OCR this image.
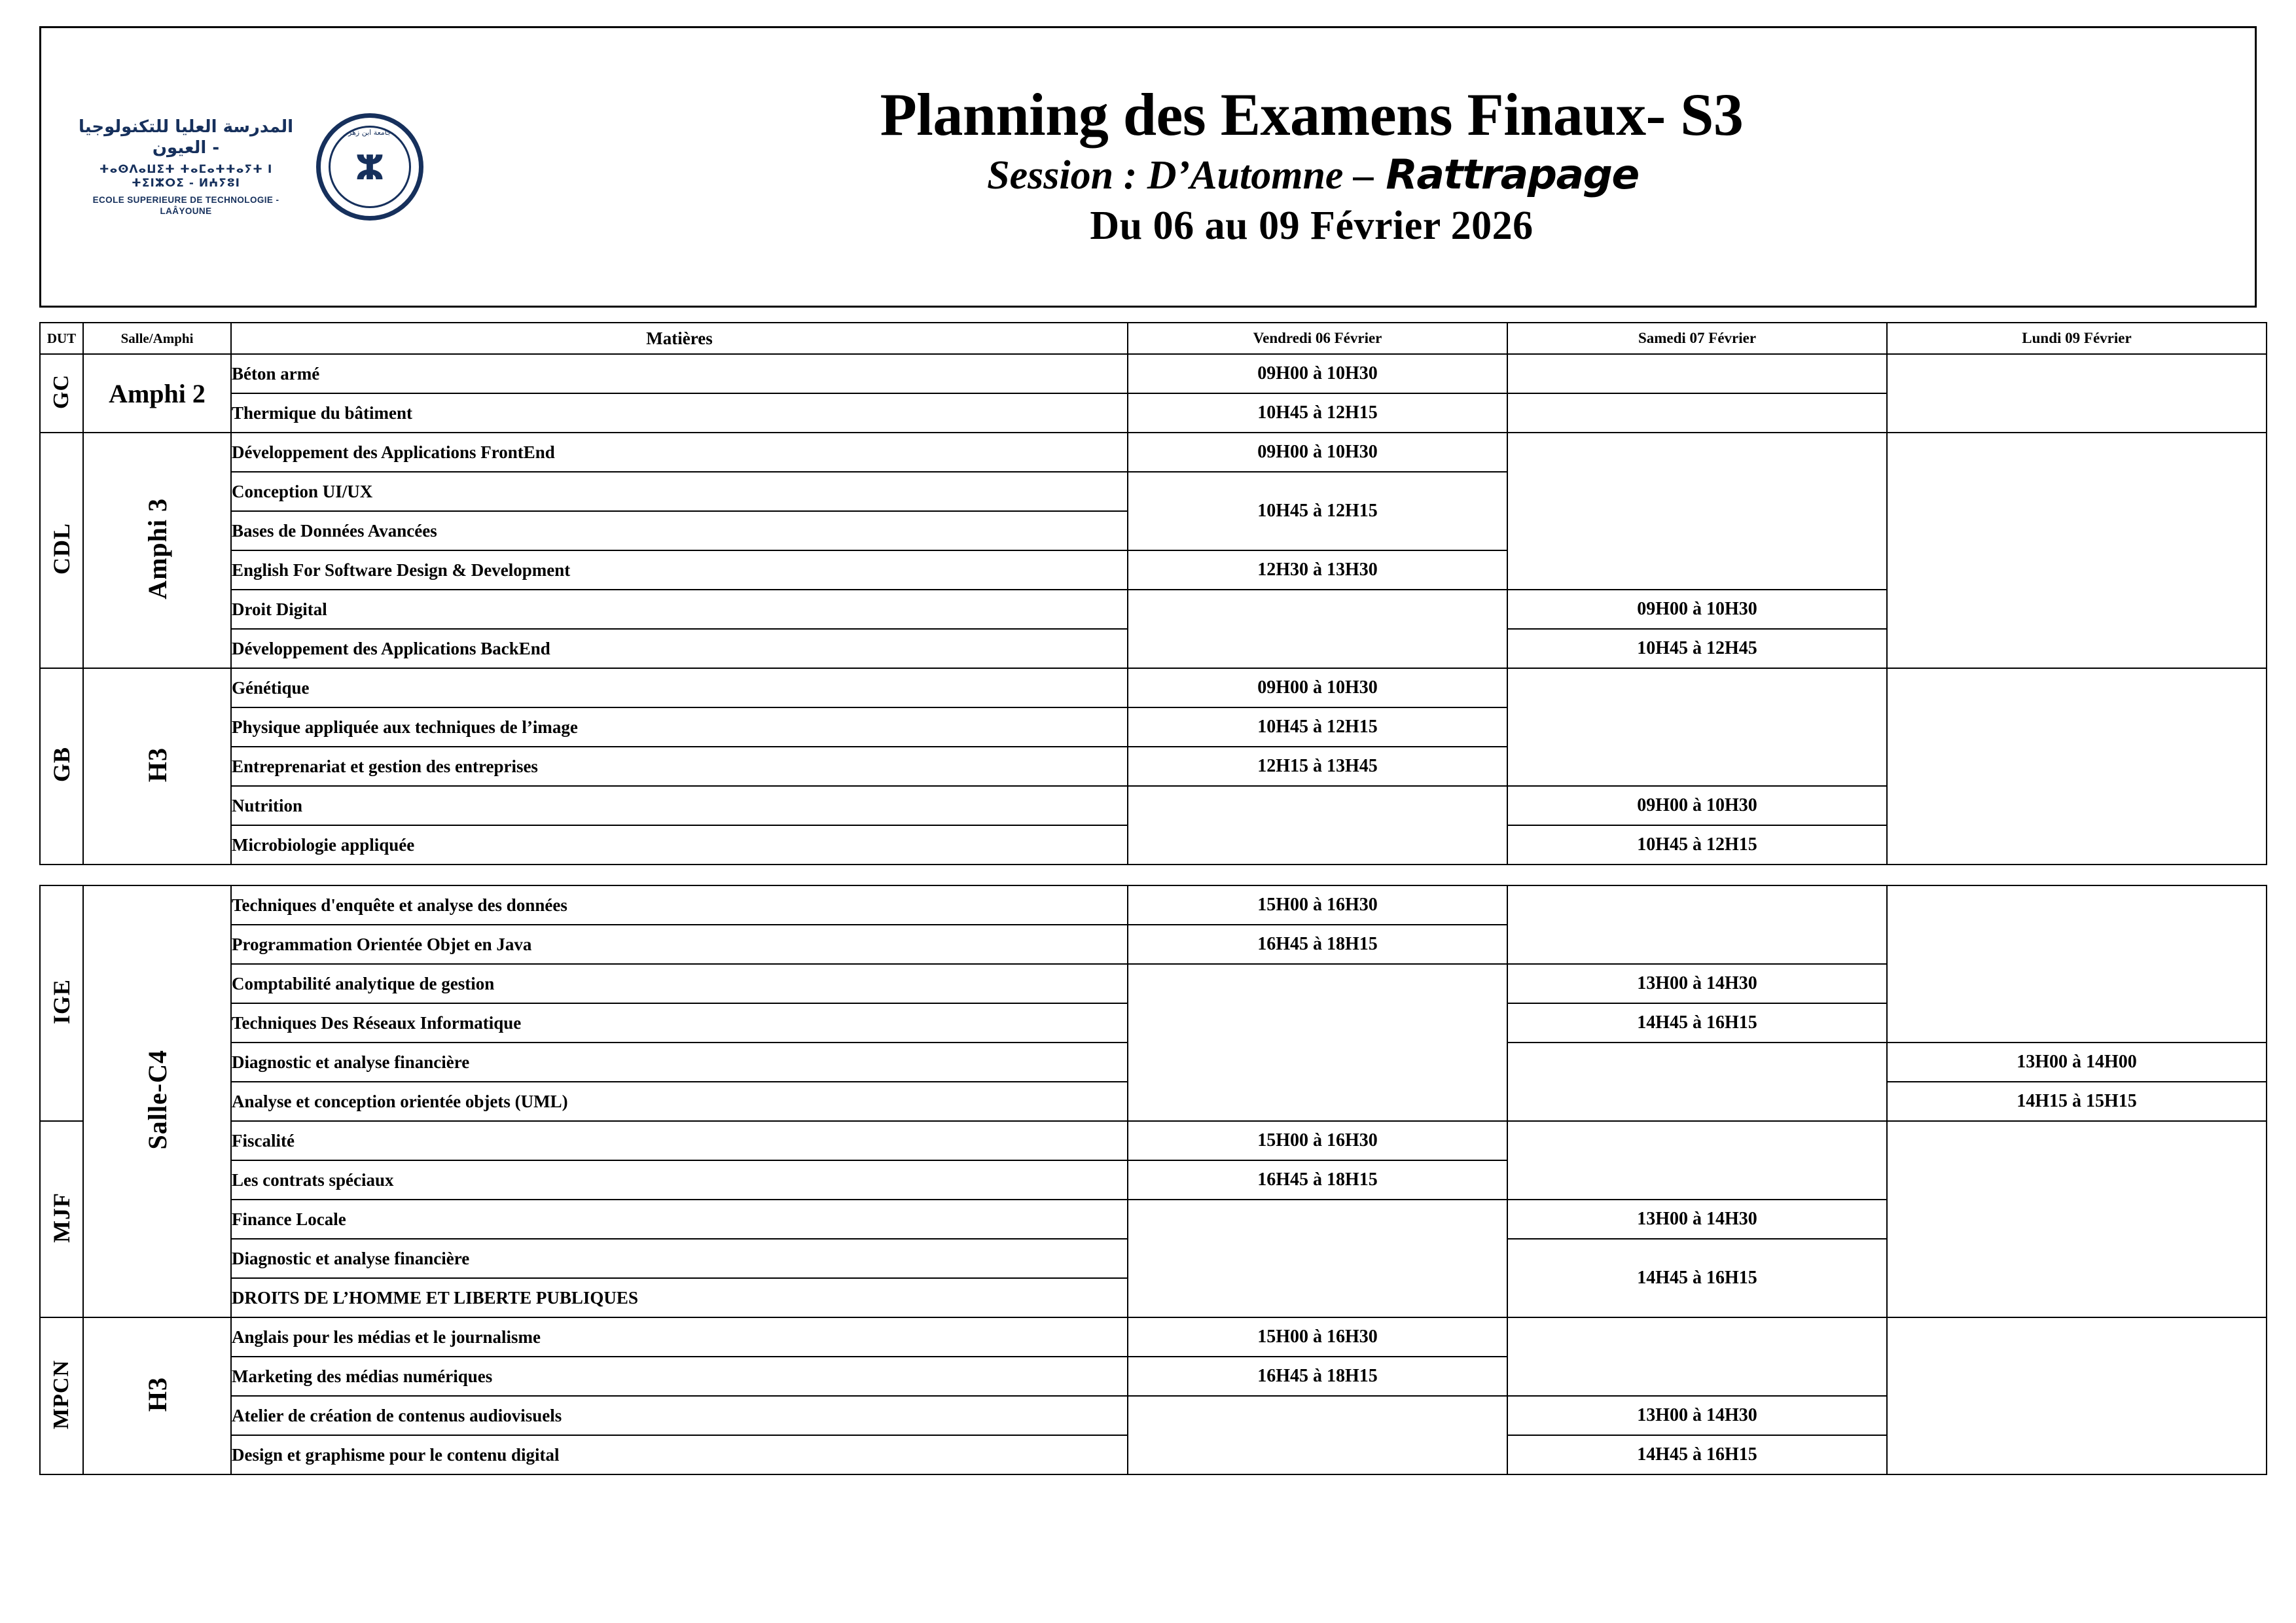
المدرسة العليا للتكنولوجيا - العيون
ⵜⴰⵙⴷⴰⵡⵉⵜ ⵜⴰⵎⴰⵜⵜⴰⵢⵜ ⵏ ⵜⵉⵏⵣⵔⵉ - ⵍⵄⵢⵓⵏ
ECOLE SUPERIEURE DE TECHNOLOGIE - LAÂYOUNE
جامعة ابن زهر
ⵣ
Planning des Examens Finaux- S3
Session : D’Automne – Rattrapage
Du 06 au 09 Février 2026
DUT	Salle/Amphi	Matières	Vendredi 06 Février	Samedi 07 Février	Lundi 09 Février
GC	Amphi 2	Béton armé	09H00 à 10H30		
		Thermique du bâtiment	10H45 à 12H15		
CDL	Amphi 3	Développement des Applications FrontEnd	09H00 à 10H30		
		Conception UI/UX	10H45 à 12H15		
		Bases de Données Avancées			
		English For Software Design & Development	12H30 à 13H30		
		Droit Digital		09H00 à 10H30	
		Développement des Applications BackEnd		10H45 à 12H45	
GB	H3	Génétique	09H00 à 10H30		
		Physique appliquée aux techniques de l’image	10H45 à 12H15		
		Entreprenariat et gestion des entreprises	12H15 à 13H45		
		Nutrition		09H00 à 10H30	
		Microbiologie appliquée		10H45 à 12H15	
IGE	Salle-C4	Techniques d'enquête et analyse des données	15H00 à 16H30		
		Programmation Orientée Objet en Java	16H45 à 18H15		
		Comptabilité analytique de gestion		13H00 à 14H30	
		Techniques Des Réseaux Informatique		14H45 à 16H15	
		Diagnostic et analyse financière			13H00 à 14H00
		Analyse et conception orientée objets (UML)			14H15 à 15H15
MJF		Fiscalité	15H00 à 16H30		
		Les contrats spéciaux	16H45 à 18H15		
		Finance Locale		13H00 à 14H30	
		Diagnostic et analyse financière		14H45 à 16H15	
		DROITS DE L’HOMME ET LIBERTE PUBLIQUES			
MPCN	H3	Anglais pour les médias et le journalisme	15H00 à 16H30		
		Marketing des médias numériques	16H45 à 18H15		
		Atelier de création de contenus audiovisuels		13H00 à 14H30	
		Design et graphisme pour le contenu digital		14H45 à 16H15	
